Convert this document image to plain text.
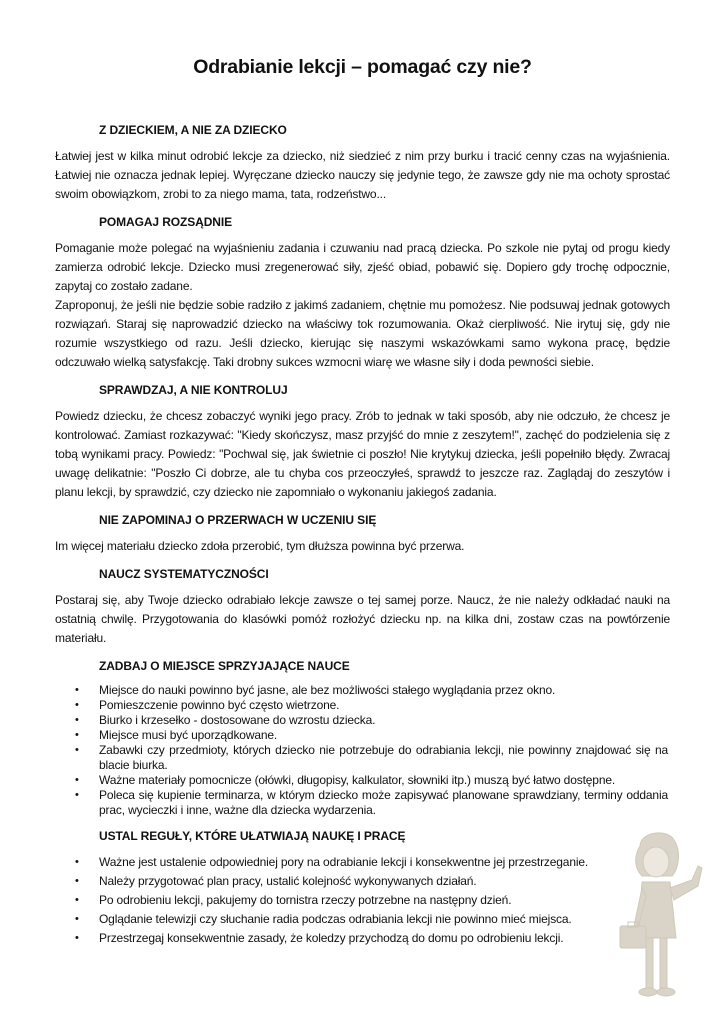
Odrabianie lekcji – pomagać czy nie?
Z DZIECKIEM, A NIE ZA DZIECKO

Łatwiej jest w kilka minut odrobić lekcje za dziecko, niż siedzieć z nim przy burku i tracić cenny czas na wyjaśnienia. Łatwiej nie oznacza jednak lepiej. Wyręczane dziecko nauczy się jedynie tego, że zawsze gdy nie ma ochoty sprostać swoim obowiązkom, zrobi to za niego mama, tata, rodzeństwo...

POMAGAJ ROZSĄDNIE

Pomaganie może polegać na wyjaśnieniu zadania i czuwaniu nad pracą dziecka. Po szkole nie pytaj od progu kiedy zamierza odrobić lekcje. Dziecko musi zregenerować siły, zjeść obiad, pobawić się. Dopiero gdy trochę odpocznie, zapytaj co zostało zadane.

Zaproponuj, że jeśli nie będzie sobie radziło z jakimś zadaniem, chętnie mu pomożesz. Nie podsuwaj jednak gotowych rozwiązań. Staraj się naprowadzić dziecko na właściwy tok rozumowania. Okaż cierpliwość. Nie irytuj się, gdy nie rozumie wszystkiego od razu. Jeśli dziecko, kierując się naszymi wskazówkami samo wykona pracę, będzie odczuwało wielką satysfakcję. Taki drobny sukces wzmocni wiarę we własne siły i doda pewności siebie.

SPRAWDZAJ, A NIE KONTROLUJ

Powiedz dziecku, że chcesz zobaczyć wyniki jego pracy. Zrób to jednak w taki sposób, aby nie odczuło, że chcesz je kontrolować. Zamiast rozkazywać: "Kiedy skończysz, masz przyjść do mnie z zeszytem!", zachęć do podzielenia się z tobą wynikami pracy. Powiedz: "Pochwal się, jak świetnie ci poszło! Nie krytykuj dziecka, jeśli popełniło błędy. Zwracaj uwagę delikatnie: "Poszło Ci dobrze, ale tu chyba cos przeoczyłeś, sprawdź to jeszcze raz. Zaglądaj do zeszytów i planu lekcji, by sprawdzić, czy dziecko nie zapomniało o wykonaniu jakiegoś zadania.

NIE ZAPOMINAJ O PRZERWACH W UCZENIU SIĘ

Im więcej materiału dziecko zdoła przerobić, tym dłuższa powinna być przerwa.

NAUCZ SYSTEMATYCZNOŚCI

Postaraj się, aby Twoje dziecko odrabiało lekcje zawsze o tej samej porze. Naucz, że nie należy odkładać nauki na ostatnią chwilę. Przygotowania do klasówki pomóż rozłożyć dziecku np. na kilka dni, zostaw czas na powtórzenie materiału.

ZADBAJ O MIEJSCE SPRZYJAJĄCE NAUCE
• Miejsce do nauki powinno być jasne, ale bez możliwości stałego wyglądania przez okno.
• Pomieszczenie powinno być często wietrzone.
• Biurko i krzesełko - dostosowane do wzrostu dziecka.
• Miejsce musi być uporządkowane.
• Zabawki czy przedmioty, których dziecko nie potrzebuje do odrabiania lekcji, nie powinny znajdować się na blacie biurka.
• Ważne materiały pomocnicze (ołówki, długopisy, kalkulator, słowniki itp.) muszą być łatwo dostępne.
• Poleca się kupienie terminarza, w którym dziecko może zapisywać planowane sprawdziany, terminy oddania prac, wycieczki i inne, ważne dla dziecka wydarzenia.
USTAL REGUŁY, KTÓRE UŁATWIAJĄ NAUKĘ I PRACĘ
• Ważne jest ustalenie odpowiedniej pory na odrabianie lekcji i konsekwentne jej przestrzeganie.
• Należy przygotować plan pracy, ustalić kolejność wykonywanych działań.
• Po odrobieniu lekcji, pakujemy do tornistra rzeczy potrzebne na następny dzień.
• Oglądanie telewizji czy słuchanie radia podczas odrabiania lekcji nie powinno mieć miejsca.
• Przestrzegaj konsekwentnie zasady, że koledzy przychodzą do domu po odrobieniu lekcji.
